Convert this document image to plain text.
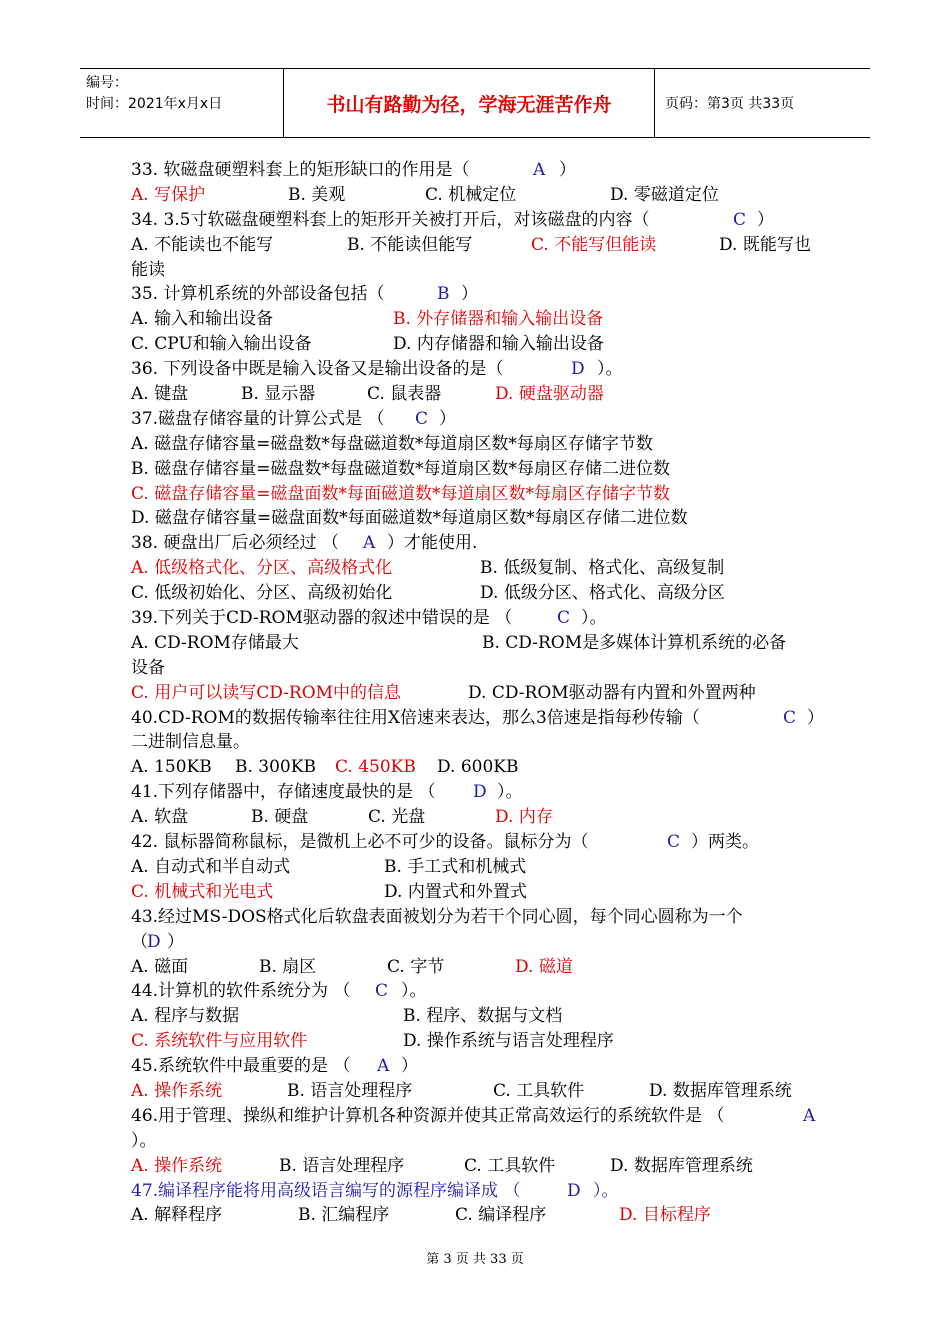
编号：
时间：2021年x月x日	书山有路勤为径，学海无涯苦作舟	页码：第3页 共33页
33. 软磁盘硬塑料套上的矩形缺口的作用是（	A ）
A. 写保护	B. 美观	C. 机械定位	D. 零磁道定位
34. 3.5寸软磁盘硬塑料套上的矩形开关被打开后，对该磁盘的内容（	C ）
A. 不能读也不能写	B. 不能读但能写	C. 不能写但能读	D. 既能写也
能读
35. 计算机系统的外部设备包括（	B ）
A. 输入和输出设备	B. 外存储器和输入输出设备
C. CPU和输入输出设备	D. 内存储器和输入输出设备
36. 下列设备中既是输入设备又是输出设备的是（	D ）。
A. 键盘	B. 显示器	C. 鼠表器	D. 硬盘驱动器
37.磁盘存储容量的计算公式是 （ C ）
A. 磁盘存储容量=磁盘数*每盘磁道数*每道扇区数*每扇区存储字节数
B. 磁盘存储容量=磁盘数*每盘磁道数*每道扇区数*每扇区存储二进位数
C. 磁盘存储容量=磁盘面数*每面磁道数*每道扇区数*每扇区存储字节数
D. 磁盘存储容量=磁盘面数*每面磁道数*每道扇区数*每扇区存储二进位数
38. 硬盘出厂后必须经过 （ A ）才能使用.
A. 低级格式化、分区、高级格式化	B. 低级复制、格式化、高级复制
C. 低级初始化、分区、高级初始化	D. 低级分区、格式化、高级分区
39.下列关于CD-ROM驱动器的叙述中错误的是 （	C ）。
A. CD-ROM存储最大	B. CD-ROM是多媒体计算机系统的必备
设备
C. 用户可以读写CD-ROM中的信息	D. CD-ROM驱动器有内置和外置两种
40.CD-ROM的数据传输率往往用X倍速来表达，那么3倍速是指每秒传输（	C ）
二进制信息量。
A. 150KB B. 300KB C. 450KB D. 600KB
41.下列存储器中，存储速度最快的是 （ D ）。
A. 软盘	B. 硬盘	C. 光盘	D. 内存
42. 鼠标器简称鼠标，是微机上必不可少的设备。鼠标分为（	C ）两类。
A. 自动式和半自动式	B. 手工式和机械式
C. 机械式和光电式	D. 内置式和外置式
43.经过MS-DOS格式化后软盘表面被划分为若干个同心圆，每个同心圆称为一个
（ D ）
A. 磁面	B. 扇区	C. 字节	D. 磁道
44.计算机的软件系统分为 （ C ）。
A. 程序与数据	B. 程序、数据与文档
C. 系统软件与应用软件	D. 操作系统与语言处理程序
45.系统软件中最重要的是 （ A ）
A. 操作系统	B. 语言处理程序	C. 工具软件	D. 数据库管理系统
46.用于管理、操纵和维护计算机各种资源并使其正常高效运行的系统软件是 （	A
）。
A. 操作系统	B. 语言处理程序	C. 工具软件	D. 数据库管理系统
47.编译程序能将用高级语言编写的源程序编译成 （	D ）。
A. 解释程序	B. 汇编程序	C. 编译程序	D. 目标程序
第 3 页 共 33 页
